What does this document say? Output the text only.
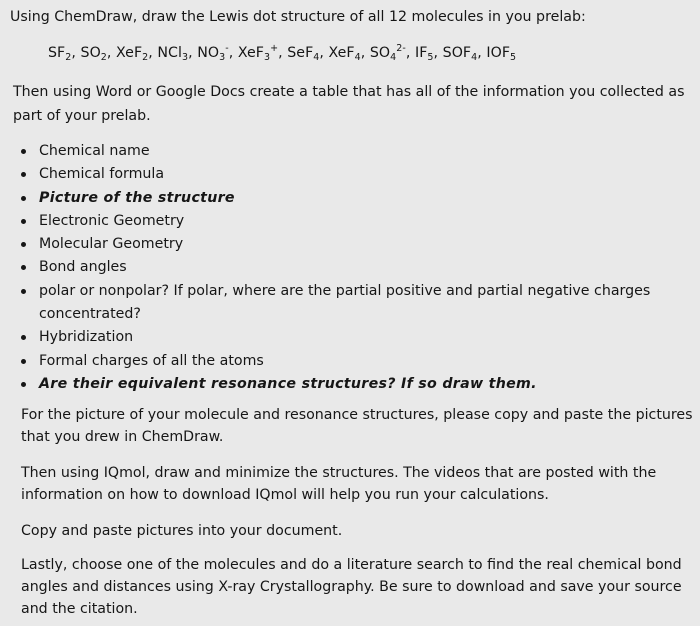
Using ChemDraw, draw the Lewis dot structure of all 12 molecules in you prelab:
$SF_2$, $SO_2$, XeF$_2$, NCl$_3$, $NO_3^-$, XeF$_3$+, SeF$_4$, XeF$_4$, $SO_4^{2-}$, $IF_5$, $SOF_4$, $IOF_5$
Then using Word or Google Docs create a table that has all of the information you collected as part of your prelab.
Chemical name
Chemical formula
Picture of the structure
Electronic Geometry
Molecular Geometry
Bond angles
polar or nonpolar? If polar, where are the partial positive and partial negative charges concentrated?
Hybridization
Formal charges of all the atoms
Are their equivalent resonance structures? If so draw them.
For the picture of your molecule and resonance structures, please copy and paste the pictures that you drew in ChemDraw.
Then using IQmol, draw and minimize the structures. The videos that are posted with the information on how to download IQmol will help you run your calculations.
Copy and paste pictures into your document.
Lastly, choose one of the molecules and do a literature search to find the real chemical bond angles and distances using X-ray Crystallography. Be sure to download and save your source and the citation.
